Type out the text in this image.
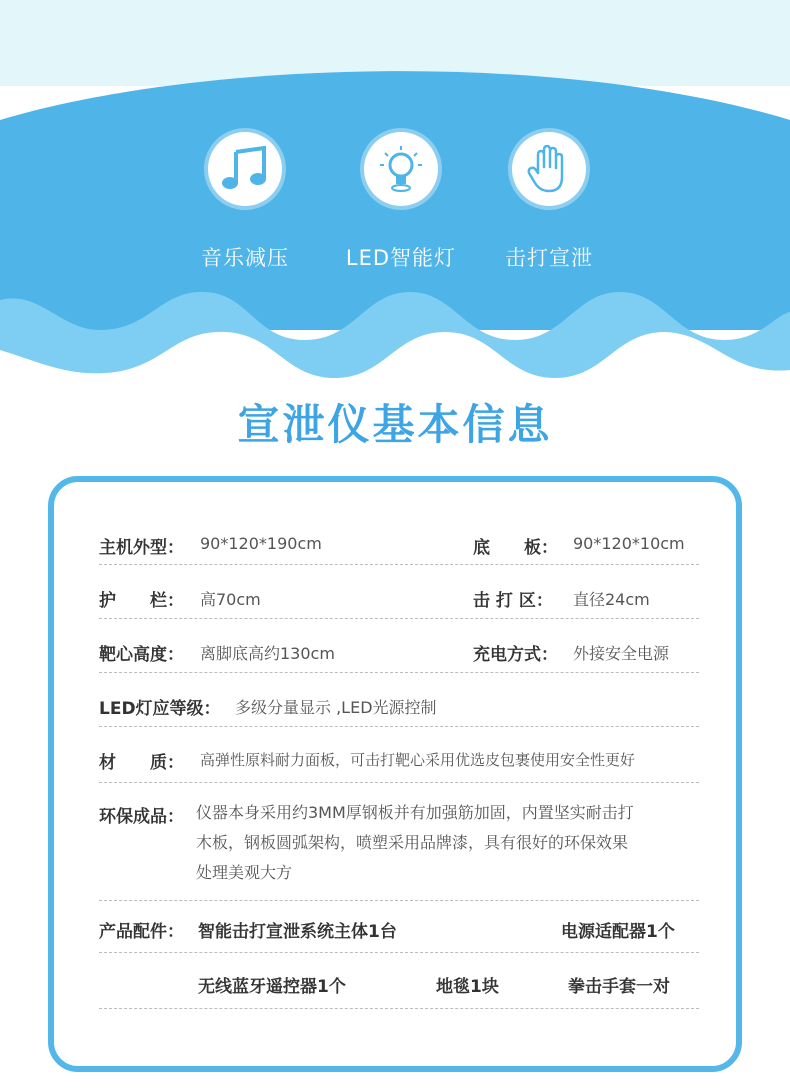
音乐减压	LED智能灯 击打宣泄
宣泄仪基本信息
主机外型： 90*120*190cm	底　　板： 90*120*10cm
护　　栏： 高70cm	击 打 区： 直径24cm
靶心高度： 离脚底高约130cm	充电方式： 外接安全电源
LED灯应等级： 多级分量显示 ,LED光源控制
材　　质： 高弹性原料耐力面板，可击打靶心采用优选皮包裹使用安全性更好
环保成品： 仪器本身采用约3MM厚钢板并有加强筋加固，内置坚实耐击打
木板，钢板圆弧架构，喷塑采用品牌漆，具有很好的环保效果
处理美观大方
产品配件： 智能击打宣泄系统主体1台	电源适配器1个
无线蓝牙遥控器1个	地毯1块	拳击手套一对
